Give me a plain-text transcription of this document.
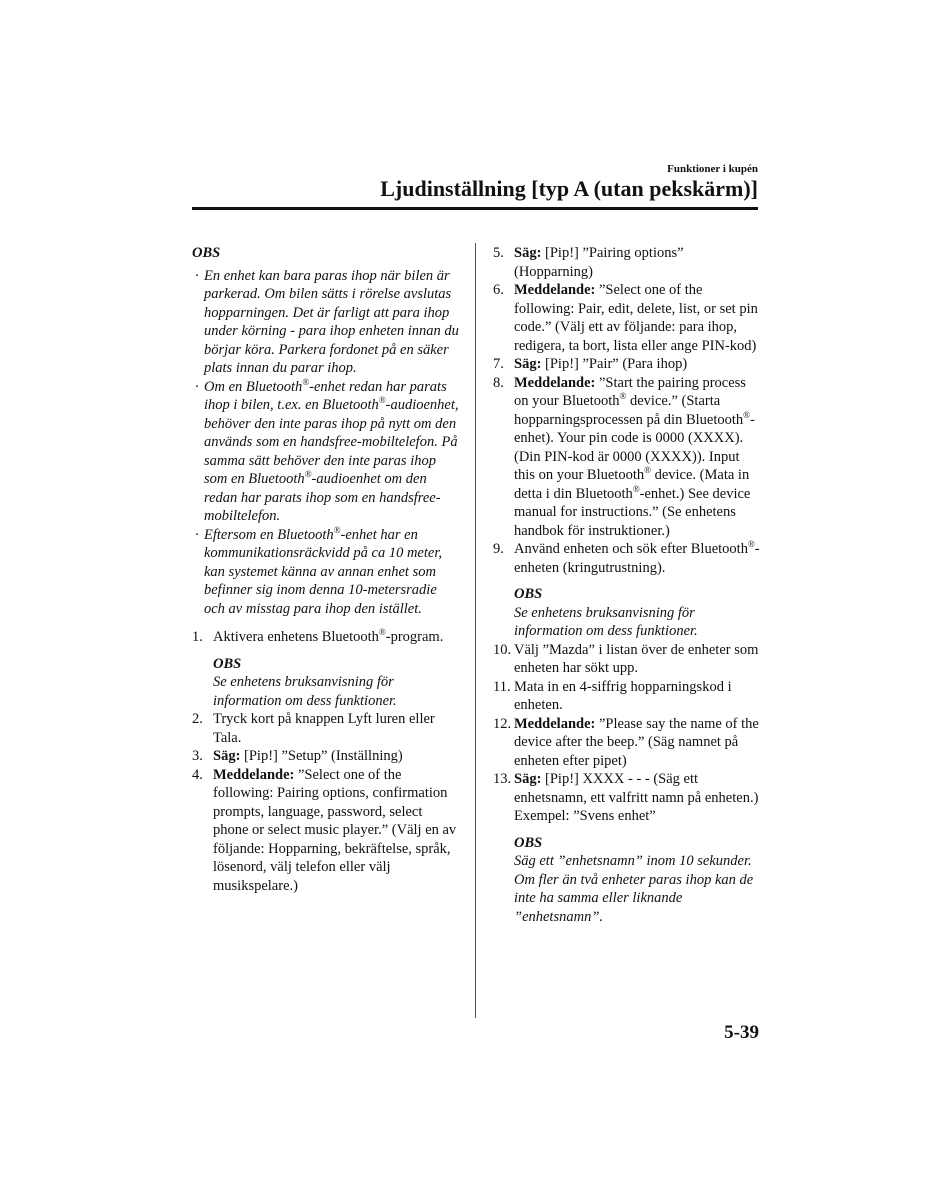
Funktioner i kupén
Ljudinställning [typ A (utan pekskärm)]

OBS

· En enhet kan bara paras ihop när bilen är parkerad. Om bilen sätts i rörelse avslutas hopparningen. Det är farligt att para ihop under körning - para ihop enheten innan du börjar köra. Parkera fordonet på en säker plats innan du parar ihop.
· Om en Bluetooth®-enhet redan har parats ihop i bilen, t.ex. en Bluetooth®-audioenhet, behöver den inte paras ihop på nytt om den används som en handsfree-mobiltelefon. På samma sätt behöver den inte paras ihop som en Bluetooth®-audioenhet om den redan har parats ihop som en handsfree-mobiltelefon.
· Eftersom en Bluetooth®-enhet har en kommunikationsräckvidd på ca 10 meter, kan systemet känna av annan enhet som befinner sig inom denna 10-metersradie och av misstag para ihop den istället.
1. Aktivera enhetens Bluetooth®-program.

OBS

Se enhetens bruksanvisning för information om dess funktioner.

2. Tryck kort på knappen Lyft luren eller Tala.
3. Säg: [Pip!] ”Setup” (Inställning)
4. Meddelande: ”Select one of the following: Pairing options, confirmation prompts, language, password, select phone or select music player.” (Välj en av följande: Hopparning, bekräftelse, språk, lösenord, välj telefon eller välj musikspelare.)
5. Säg: [Pip!] ”Pairing options” (Hopparning)
6. Meddelande: ”Select one of the following: Pair, edit, delete, list, or set pin code.” (Välj ett av följande: para ihop, redigera, ta bort, lista eller ange PIN-kod)
7. Säg: [Pip!] ”Pair” (Para ihop)
8. Meddelande: ”Start the pairing process on your Bluetooth® device.” (Starta hopparningsprocessen på din Bluetooth®-enhet). Your pin code is 0000 (XXXX). (Din PIN-kod är 0000 (XXXX)). Input this on your Bluetooth® device. (Mata in detta i din Bluetooth®-enhet.) See device manual for instructions.” (Se enhetens handbok för instruktioner.)
9. Använd enheten och sök efter Bluetooth®-enheten (kringutrustning).

OBS

Se enhetens bruksanvisning för information om dess funktioner.

10. Välj ”Mazda” i listan över de enheter som enheten har sökt upp.
11. Mata in en 4-siffrig hopparningskod i enheten.
12. Meddelande: ”Please say the name of the device after the beep.” (Säg namnet på enheten efter pipet)
13. Säg: [Pip!] XXXX - - - (Säg ett enhetsnamn, ett valfritt namn på enheten.)

Exempel: ”Svens enhet”

OBS

Säg ett ”enhetsnamn” inom 10 sekunder.

Om fler än två enheter paras ihop kan de inte ha samma eller liknande ”enhetsnamn”.

5-39
